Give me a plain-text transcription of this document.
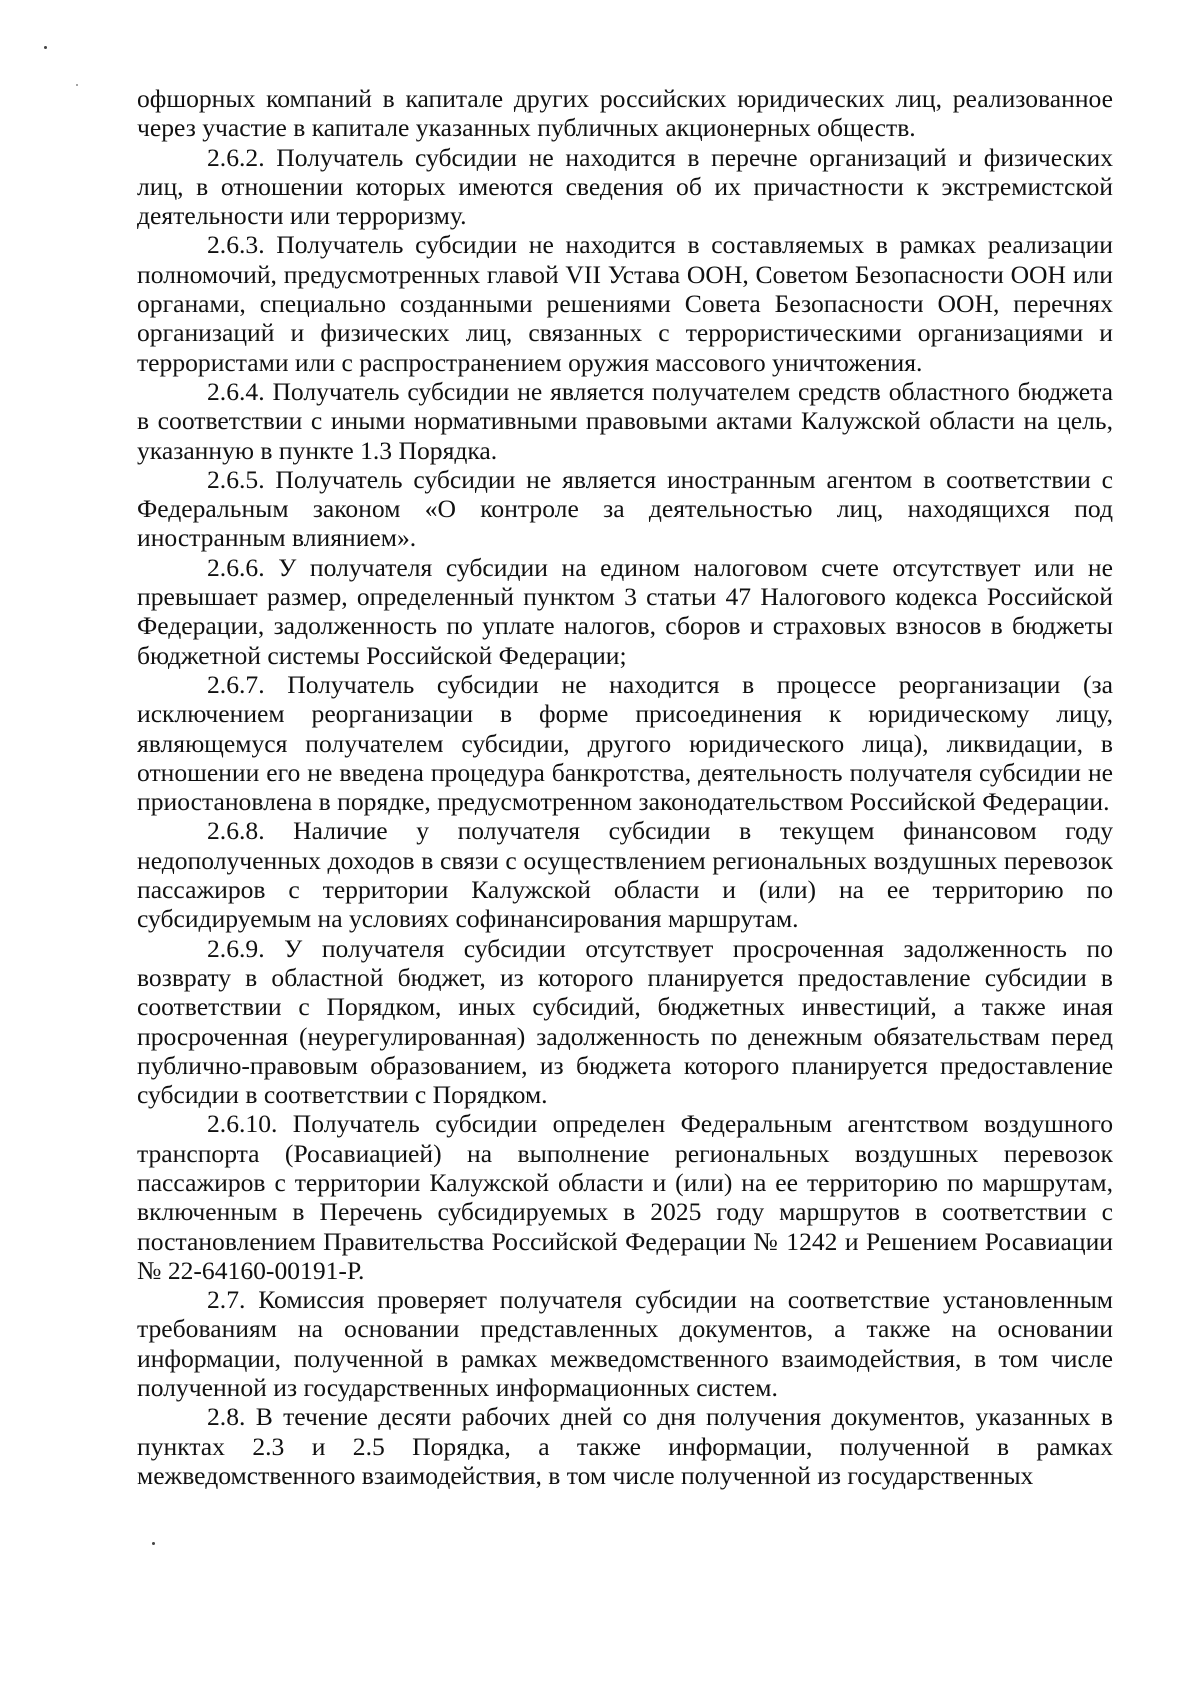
офшорных компаний в капитале других российских юридических лиц, реализованное через участие в капитале указанных публичных акционерных обществ.

2.6.2. Получатель субсидии не находится в перечне организаций и физических лиц, в отношении которых имеются сведения об их причастности к экстремистской деятельности или терроризму.

2.6.3. Получатель субсидии не находится в составляемых в рамках реализации полномочий, предусмотренных главой VII Устава ООН, Советом Безопасности ООН или органами, специально созданными решениями Совета Безопасности ООН, перечнях организаций и физических лиц, связанных с террористическими организациями и террористами или с распространением оружия массового уничтожения.

2.6.4. Получатель субсидии не является получателем средств областного бюджета в соответствии с иными нормативными правовыми актами Калужской области на цель, указанную в пункте 1.3 Порядка.

2.6.5. Получатель субсидии не является иностранным агентом в соответствии с Федеральным законом «О контроле за деятельностью лиц, находящихся под иностранным влиянием».

2.6.6. У получателя субсидии на едином налоговом счете отсутствует или не превышает размер, определенный пунктом 3 статьи 47 Налогового кодекса Российской Федерации, задолженность по уплате налогов, сборов и страховых взносов в бюджеты бюджетной системы Российской Федерации;

2.6.7. Получатель субсидии не находится в процессе реорганизации (за исключением реорганизации в форме присоединения к юридическому лицу, являющемуся получателем субсидии, другого юридического лица), ликвидации, в отношении его не введена процедура банкротства, деятельность получателя субсидии не приостановлена в порядке, предусмотренном законодательством Российской Федерации.

2.6.8. Наличие у получателя субсидии в текущем финансовом году недополученных доходов в связи с осуществлением региональных воздушных перевозок пассажиров с территории Калужской области и (или) на ее территорию по субсидируемым на условиях софинансирования маршрутам.

2.6.9. У получателя субсидии отсутствует просроченная задолженность по возврату в областной бюджет, из которого планируется предоставление субсидии в соответствии с Порядком, иных субсидий, бюджетных инвестиций, а также иная просроченная (неурегулированная) задолженность по денежным обязательствам перед публично-правовым образованием, из бюджета которого планируется предоставление субсидии в соответствии с Порядком.

2.6.10. Получатель субсидии определен Федеральным агентством воздушного транспорта (Росавиацией) на выполнение региональных воздушных перевозок пассажиров с территории Калужской области и (или) на ее территорию по маршрутам, включенным в Перечень субсидируемых в 2025 году маршрутов в соответствии с постановлением Правительства Российской Федерации № 1242 и Решением Росавиации № 22-64160-00191-Р.

2.7. Комиссия проверяет получателя субсидии на соответствие установленным требованиям на основании представленных документов, а также на основании информации, полученной в рамках межведомственного взаимодействия, в том числе полученной из государственных информационных систем.

2.8. В течение десяти рабочих дней со дня получения документов, указанных в пунктах 2.3 и 2.5 Порядка, а также информации, полученной в рамках межведомственного взаимодействия, в том числе полученной из государственных
